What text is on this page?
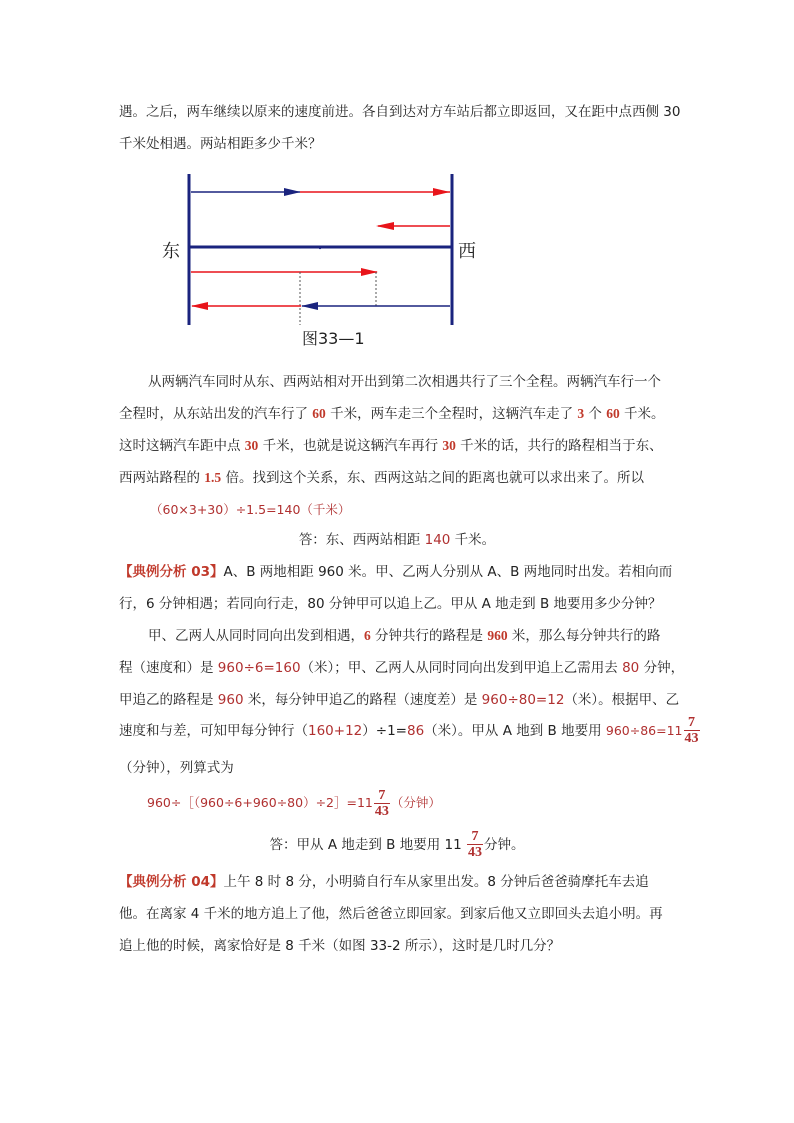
遇。之后，两车继续以原来的速度前进。各自到达对方车站后都立即返回，又在距中点西侧 30
千米处相遇。两站相距多少千米？
东	西
图33—1
从两辆汽车同时从东、西两站相对开出到第二次相遇共行了三个全程。两辆汽车行一个
全程时，从东站出发的汽车行了 60 千米，两车走三个全程时，这辆汽车走了 3 个 60 千米。
这时这辆汽车距中点 30 千米，也就是说这辆汽车再行 30 千米的话，共行的路程相当于东、
西两站路程的 1.5 倍。找到这个关系，东、西两这站之间的距离也就可以求出来了。所以
（60×3+30）÷1.5=140（千米）
答：东、西两站相距 140 千米。
【典例分析 03】A、B 两地相距 960 米。甲、乙两人分别从 A、B 两地同时出发。若相向而
行，6 分钟相遇；若同向行走，80 分钟甲可以追上乙。甲从 A 地走到 B 地要用多少分钟？
甲、乙两人从同时同向出发到相遇，6 分钟共行的路程是 960 米，那么每分钟共行的路
程（速度和）是 960÷6=160（米）；甲、乙两人从同时同向出发到甲追上乙需用去 80 分钟，
甲追乙的路程是 960 米，每分钟甲追乙的路程（速度差）是 960÷80=12（米）。根据甲、乙
速度和与差，可知甲每分钟行（160+12）÷1=86（米）。甲从 A 地到 B 地要用 $960\div 86=11 \frac{7}{43}$
（分钟），列算式为
960÷［（960÷6+960÷80）÷2］=11 $\frac{7}{43}$ （分钟）
答：甲从 A 地走到 B 地要用 $11 \frac{7}{43}$ 分钟。
【典例分析 04】上午 8 时 8 分，小明骑自行车从家里出发。8 分钟后爸爸骑摩托车去追
他。在离家 4 千米的地方追上了他，然后爸爸立即回家。到家后他又立即回头去追小明。再
追上他的时候，离家恰好是 8 千米（如图 33-2 所示），这时是几时几分？
